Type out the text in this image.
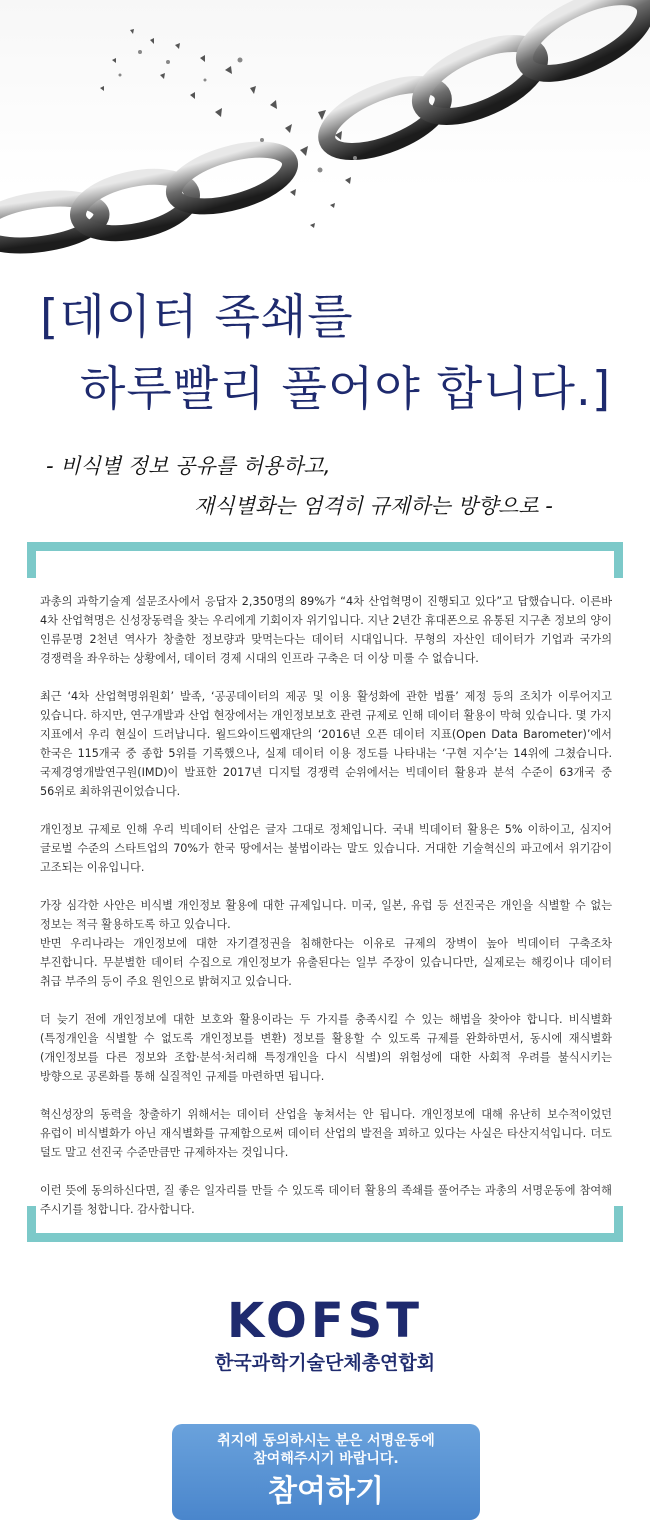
[데이터 족쇄를
하루빨리 풀어야 합니다.]
- 비식별 정보 공유를 허용하고,
재식별화는 엄격히 규제하는 방향으로 -

과총의 과학기술계 설문조사에서 응답자 2,350명의 89%가 “4차 산업혁명이 진행되고 있다”고 답했습니다. 이른바 4차 산업혁명은 신성장동력을 찾는 우리에게 기회이자 위기입니다. 지난 2년간 휴대폰으로 유통된 지구촌 정보의 양이 인류문명 2천년 역사가 창출한 정보량과 맞먹는다는 데이터 시대입니다. 무형의 자산인 데이터가 기업과 국가의 경쟁력을 좌우하는 상황에서, 데이터 경제 시대의 인프라 구축은 더 이상 미룰 수 없습니다.

최근 ‘4차 산업혁명위원회’ 발족, ‘공공데이터의 제공 및 이용 활성화에 관한 법률’ 제정 등의 조치가 이루어지고 있습니다. 하지만, 연구개발과 산업 현장에서는 개인정보보호 관련 규제로 인해 데이터 활용이 막혀 있습니다. 몇 가지 지표에서 우리 현실이 드러납니다. 월드와이드웹재단의 ‘2016년 오픈 데이터 지표(Open Data Barometer)’에서 한국은 115개국 중 종합 5위를 기록했으나, 실제 데이터 이용 정도를 나타내는 ‘구현 지수’는 14위에 그쳤습니다. 국제경영개발연구원(IMD)이 발표한 2017년 디지털 경쟁력 순위에서는 빅데이터 활용과 분석 수준이 63개국 중 56위로 최하위권이었습니다.

개인정보 규제로 인해 우리 빅데이터 산업은 글자 그대로 정체입니다. 국내 빅데이터 활용은 5% 이하이고, 심지어 글로벌 수준의 스타트업의 70%가 한국 땅에서는 불법이라는 말도 있습니다. 거대한 기술혁신의 파고에서 위기감이 고조되는 이유입니다.

가장 심각한 사안은 비식별 개인정보 활용에 대한 규제입니다. 미국, 일본, 유럽 등 선진국은 개인을 식별할 수 없는 정보는 적극 활용하도록 하고 있습니다.
반면 우리나라는 개인정보에 대한 자기결정권을 침해한다는 이유로 규제의 장벽이 높아 빅데이터 구축조차 부진합니다. 무분별한 데이터 수집으로 개인정보가 유출된다는 일부 주장이 있습니다만, 실제로는 해킹이나 데이터 취급 부주의 등이 주요 원인으로 밝혀지고 있습니다.

더 늦기 전에 개인정보에 대한 보호와 활용이라는 두 가지를 충족시킬 수 있는 해법을 찾아야 합니다. 비식별화(특정개인을 식별할 수 없도록 개인정보를 변환) 정보를 활용할 수 있도록 규제를 완화하면서, 동시에 재식별화(개인정보를 다른 정보와 조합·분석·처리해 특정개인을 다시 식별)의 위험성에 대한 사회적 우려를 불식시키는 방향으로 공론화를 통해 실질적인 규제를 마련하면 됩니다.

혁신성장의 동력을 창출하기 위해서는 데이터 산업을 놓쳐서는 안 됩니다. 개인정보에 대해 유난히 보수적이었던 유럽이 비식별화가 아닌 재식별화를 규제함으로써 데이터 산업의 발전을 꾀하고 있다는 사실은 타산지석입니다. 더도 덜도 말고 선진국 수준만큼만 규제하자는 것입니다.

이런 뜻에 동의하신다면, 질 좋은 일자리를 만들 수 있도록 데이터 활용의 족쇄를 풀어주는 과총의 서명운동에 참여해 주시기를 청합니다. 감사합니다.

KOFST
한국과학기술단체총연합회
취지에 동의하시는 분은 서명운동에
참여해주시기 바랍니다.
참여하기
